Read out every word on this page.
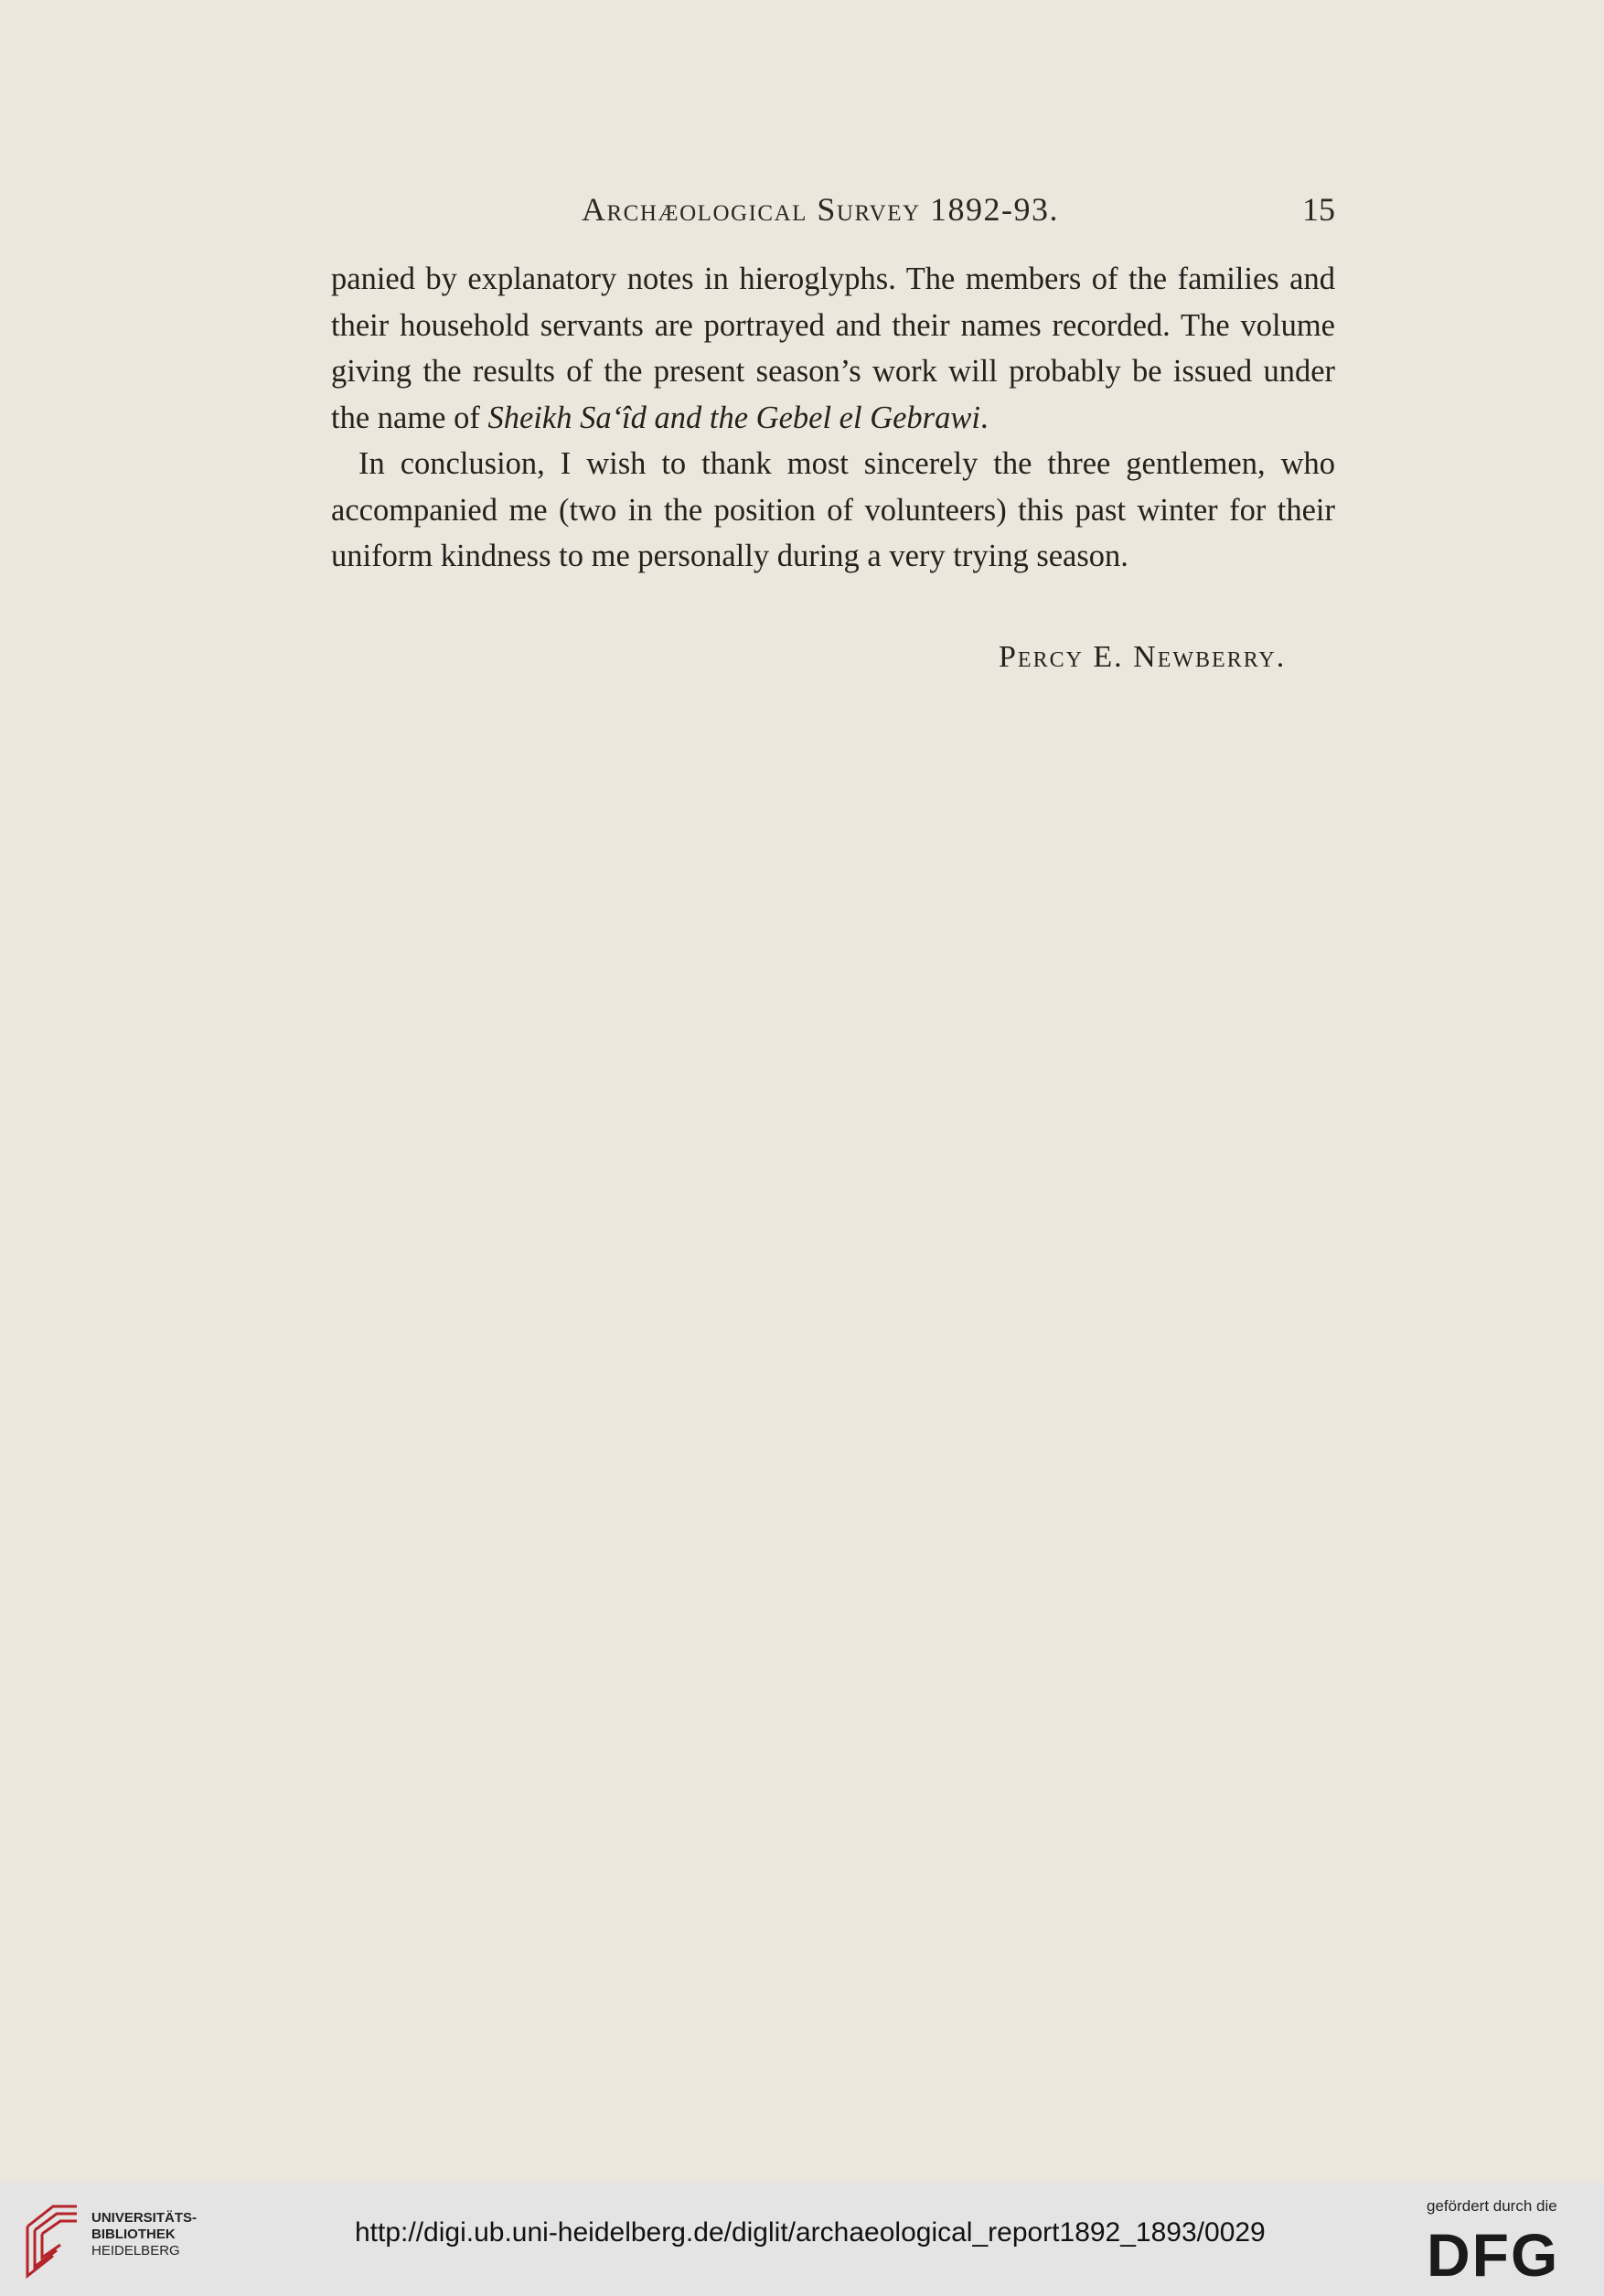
Archæological Survey 1892-93.	15

panied by explanatory notes in hieroglyphs. The members of the families and their household servants are portrayed and their names recorded. The volume giving the results of the present season’s work will probably be issued under the name of Sheikh Sa‘îd and the Gebel el Gebrawi.

In conclusion, I wish to thank most sincerely the three gentlemen, who accompanied me (two in the position of volunteers) this past winter for their uniform kindness to me personally during a very trying season.

Percy E. Newberry.
UNIVERSITÄTS-
BIBLIOTHEK
HEIDELBERG
http://digi.ub.uni-heidelberg.de/diglit/archaeological_report1892_1893/0029
gefördert durch die
DFG
